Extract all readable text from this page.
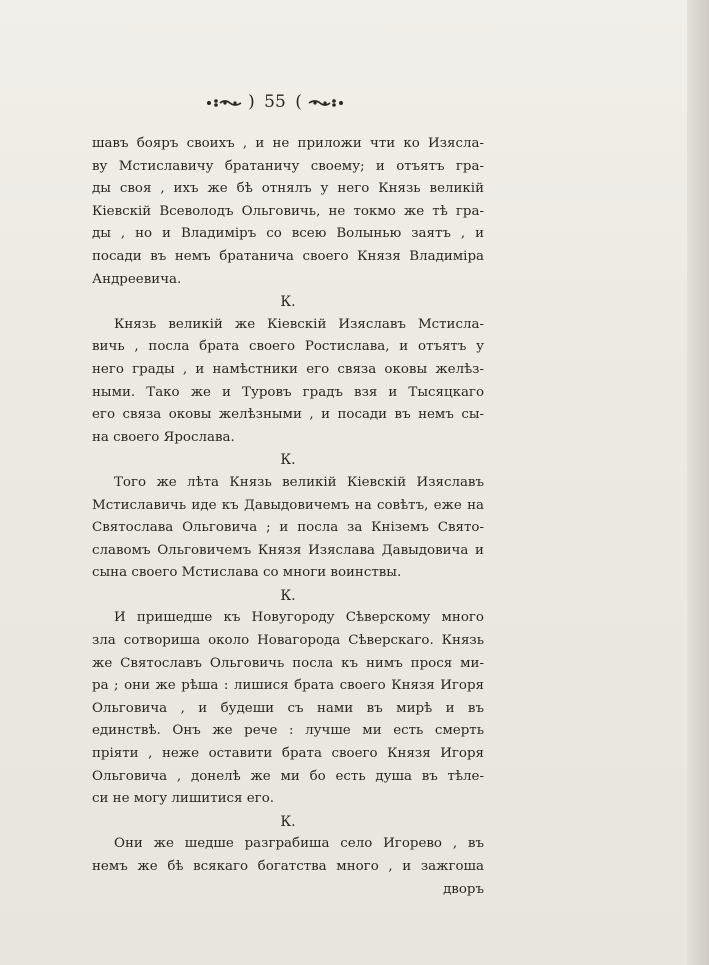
) 55 (
шавъ бояръ своихъ , и не приложи чти ко Изясла-
ву Мстиславичу братаничу своему; и отъятъ гра-
ды своя , ихъ же бѣ отнялъ у него Князь великій
Кіевскій Всеволодъ Ольговичь, не токмо же тѣ гра-
ды , но и Владиміръ со всею Волынью заятъ , и
посади въ немъ братанича своего Князя Владиміра
Андреевича.
К.
Князь великій же Кіевскій Изяславъ Мстисла-
вичь , посла брата своего Ростислава, и отъятъ у
него грады , и намѣстники его связа оковы желѣз-
ными. Тако же и Туровъ градъ взя и Тысяцкаго
его связа оковы желѣзными , и посади въ немъ сы-
на своего Ярослава.
К.
Того же лѣта Князь великій Кіевскій Изяславъ
Мстиславичь иде къ Давыдовичемъ на совѣтъ, еже на
Святослава Ольговича ; и посла за Кніземъ Свято-
славомъ Ольговичемъ Князя Изяслава Давыдовича и
сына своего Мстислава со многи воинствы.
К.
И пришедше къ Новугороду Сѣверскому много
зла сотвориша около Новагорода Сѣверскаго. Князь
же Святославъ Ольговичь посла къ нимъ прося ми-
ра ; они же рѣша : лишися брата своего Князя Игоря
Ольговича , и будеши съ нами въ мирѣ и въ
единствѣ. Онъ же рече : лучше ми есть смерть
пріяти , неже оставити брата своего Князя Игоря
Ольговича , донелѣ же ми бо есть душа въ тѣле-
си не могу лишитися его.
К.
Они же шедше разграбиша село Игорево , въ
немъ же бѣ всякаго богатства много , и зажгоша
дворъ
